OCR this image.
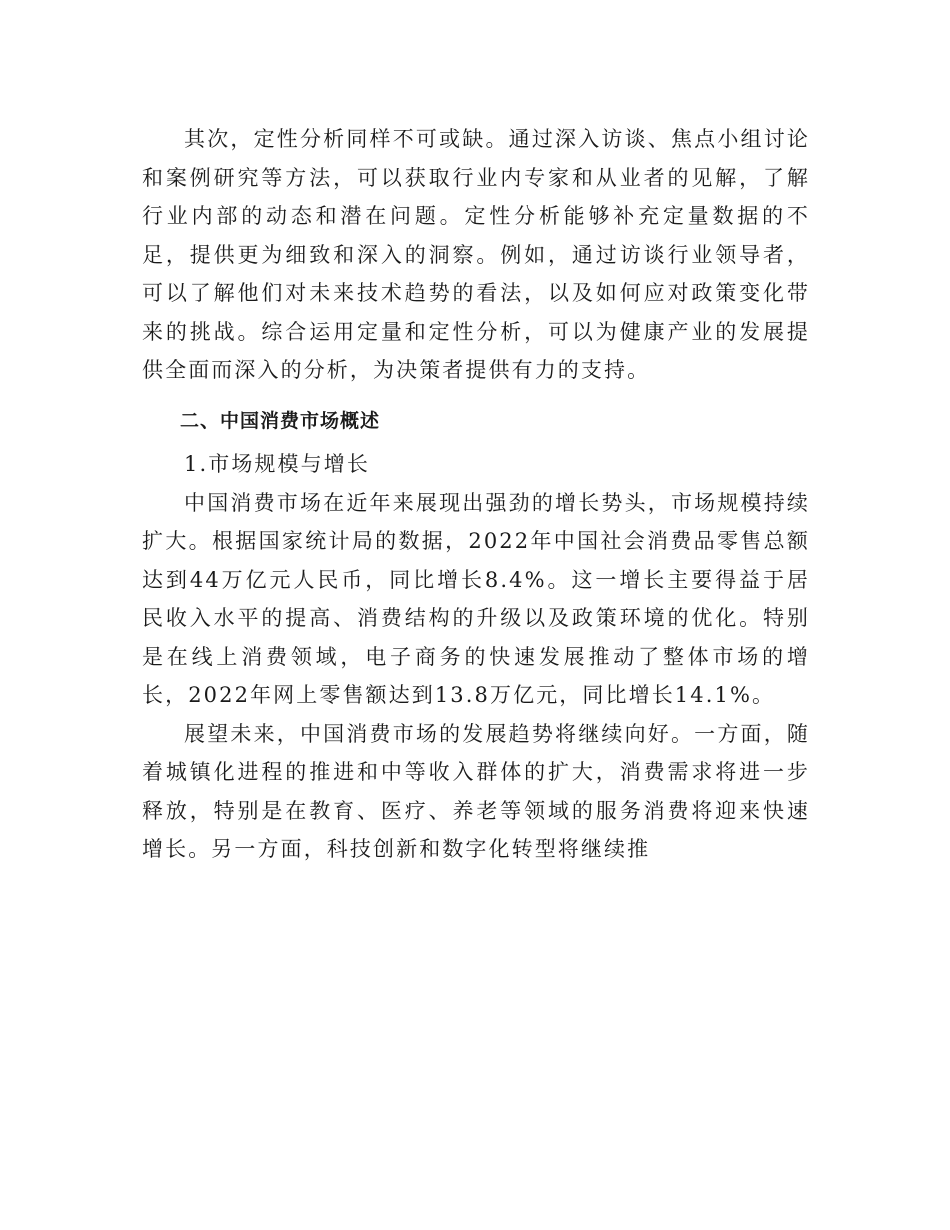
其次，定性分析同样不可或缺。通过深入访谈、焦点小组讨论和案例研究等方法，可以获取行业内专家和从业者的见解，了解行业内部的动态和潜在问题。定性分析能够补充定量数据的不足，提供更为细致和深入的洞察。例如，通过访谈行业领导者，可以了解他们对未来技术趋势的看法，以及如何应对政策变化带来的挑战。综合运用定量和定性分析，可以为健康产业的发展提供全面而深入的分析，为决策者提供有力的支持。

二、中国消费市场概述

1.市场规模与增长

中国消费市场在近年来展现出强劲的增长势头，市场规模持续扩大。根据国家统计局的数据，2022年中国社会消费品零售总额达到44万亿元人民币，同比增长8.4%。这一增长主要得益于居民收入水平的提高、消费结构的升级以及政策环境的优化。特别是在线上消费领域，电子商务的快速发展推动了整体市场的增长，2022年网上零售额达到13.8万亿元，同比增长14.1%。

展望未来，中国消费市场的发展趋势将继续向好。一方面，随着城镇化进程的推进和中等收入群体的扩大，消费需求将进一步释放，特别是在教育、医疗、养老等领域的服务消费将迎来快速增长。另一方面，科技创新和数字化转型将继续推
